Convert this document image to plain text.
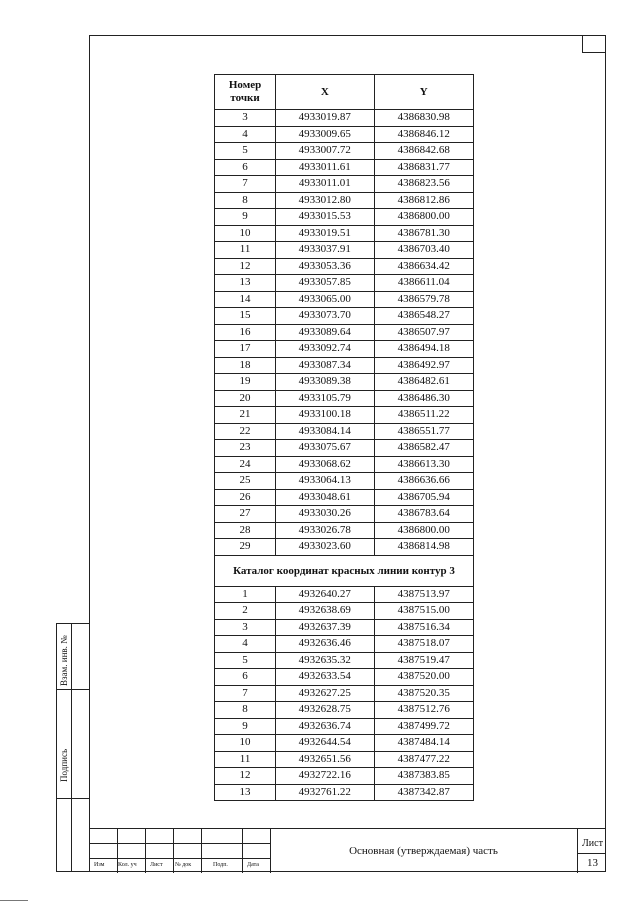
Взам. инв. №
Подпись
Номер точки	X	Y
3	4933019.87	4386830.98
4	4933009.65	4386846.12
5	4933007.72	4386842.68
6	4933011.61	4386831.77
7	4933011.01	4386823.56
8	4933012.80	4386812.86
9	4933015.53	4386800.00
10	4933019.51	4386781.30
11	4933037.91	4386703.40
12	4933053.36	4386634.42
13	4933057.85	4386611.04
14	4933065.00	4386579.78
15	4933073.70	4386548.27
16	4933089.64	4386507.97
17	4933092.74	4386494.18
18	4933087.34	4386492.97
19	4933089.38	4386482.61
20	4933105.79	4386486.30
21	4933100.18	4386511.22
22	4933084.14	4386551.77
23	4933075.67	4386582.47
24	4933068.62	4386613.30
25	4933064.13	4386636.66
26	4933048.61	4386705.94
27	4933030.26	4386783.64
28	4933026.78	4386800.00
29	4933023.60	4386814.98
Каталог координат красных линии контур 3		
1	4932640.27	4387513.97
2	4932638.69	4387515.00
3	4932637.39	4387516.34
4	4932636.46	4387518.07
5	4932635.32	4387519.47
6	4932633.54	4387520.00
7	4932627.25	4387520.35
8	4932628.75	4387512.76
9	4932636.74	4387499.72
10	4932644.54	4387484.14
11	4932651.56	4387477.22
12	4932722.16	4387383.85
13	4932761.22	4387342.87
Изм Кол. уч Лист № док	Подп.	Дата
Основная (утверждаемая) часть
Лист
13
